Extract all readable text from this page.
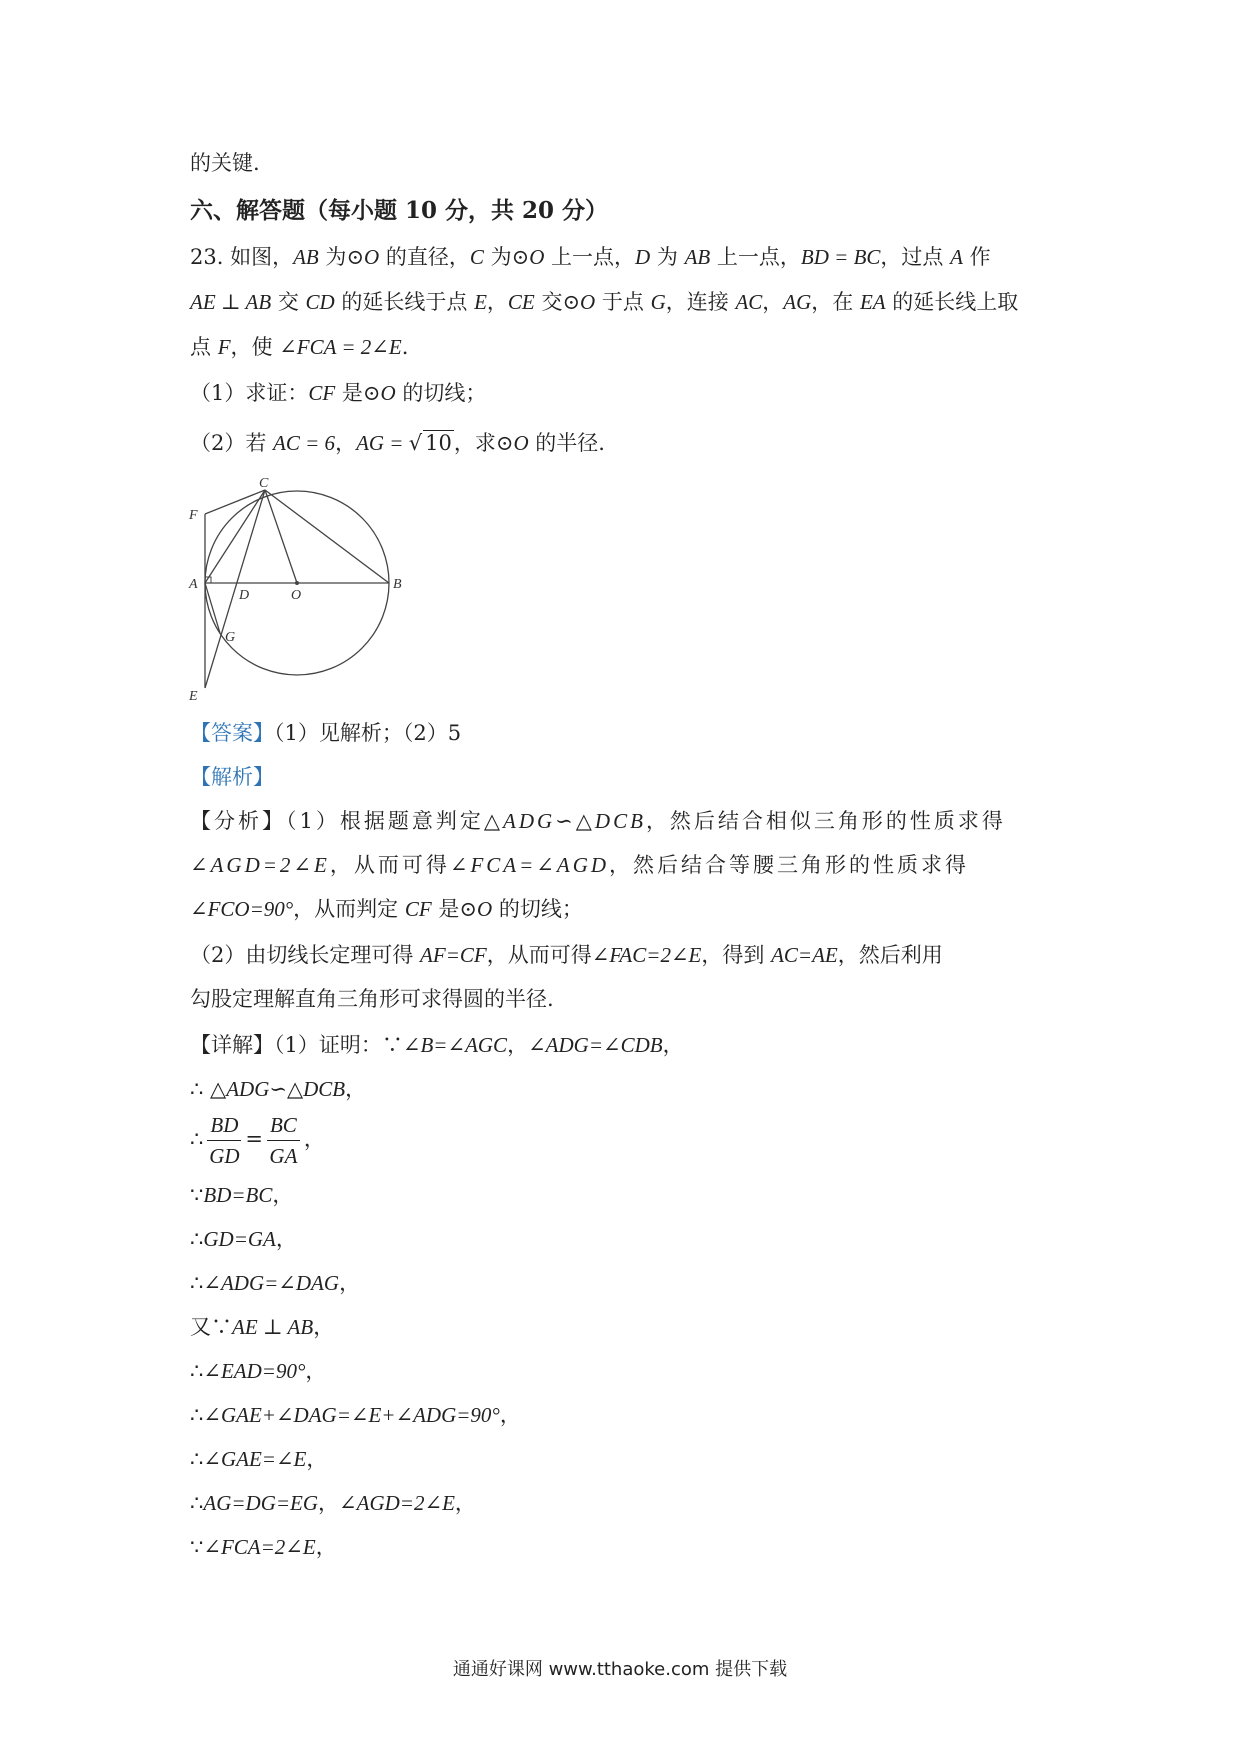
的关键.
六、解答题（每小题 10 分，共 20 分）
23. 如图，AB 为⊙O 的直径，C 为⊙O 上一点，D 为 AB 上一点，BD = BC，过点 A 作
AE ⊥ AB 交 CD 的延长线于点 E，CE 交⊙O 于点 G，连接 AC，AG，在 EA 的延长线上取
点 F，使 ∠FCA = 2∠E.
（1）求证：CF 是⊙O 的切线；
（2）若 AC = 6，AG = √ 10，求⊙O 的半径.
C
F
A
D	O
B
G
E
【答案】（1）见解析；（2）5
【解析】
【分析】（1）根据题意判定△ADG∽△DCB，然后结合相似三角形的性质求得
∠AGD=2∠E，从而可得∠FCA=∠AGD，然后结合等腰三角形的性质求得
∠FCO=90°，从而判定 CF 是⊙O 的切线；
（2）由切线长定理可得 AF=CF，从而可得∠FAC=2∠E，得到 AC=AE，然后利用
勾股定理解直角三角形可求得圆的半径.
【详解】（1）证明：∵∠B=∠AGC，∠ADG=∠CDB，
∴ △ADG∽△DCB，
∴ $\frac{BD}{GD} = \frac{BC}{GA}$ ，
∵BD=BC，
∴GD=GA，
∴∠ADG=∠DAG，
又∵AE ⊥ AB，
∴∠EAD=90°，
∴∠GAE+∠DAG=∠E+∠ADG=90°，
∴∠GAE=∠E，
∴AG=DG=EG，∠AGD=2∠E，
∵∠FCA=2∠E，
通通好课网 www.tthaoke.com 提供下载
